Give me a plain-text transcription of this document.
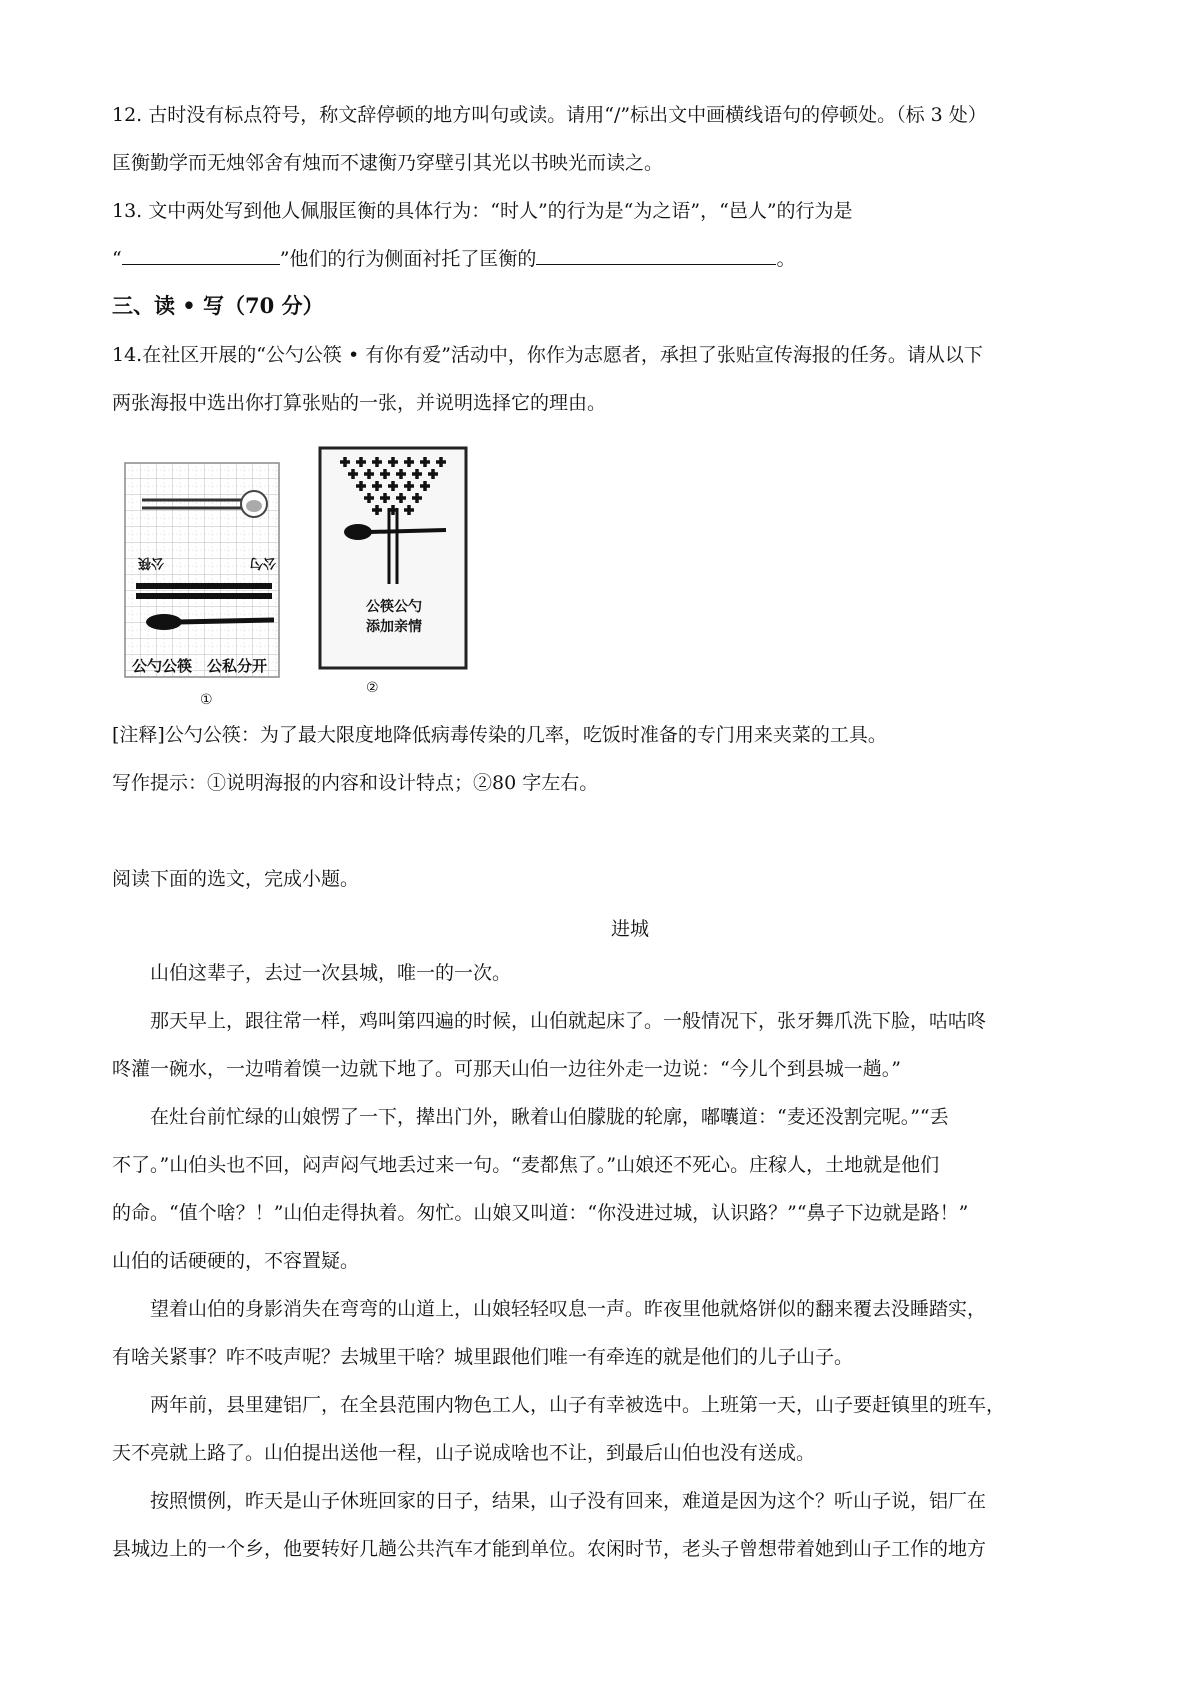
12. 古时没有标点符号，称文辞停顿的地方叫句或读。请用“/”标出文中画横线语句的停顿处。（标 3 处）
匡衡勤学而无烛邻舍有烛而不逮衡乃穿壁引其光以书映光而读之。
13. 文中两处写到他人佩服匡衡的具体行为：“时人”的行为是“为之语”，“邑人”的行为是
“	”他们的行为侧面衬托了匡衡的	。
三、读 • 写（70 分）
14.在社区开展的“公勺公筷 • 有你有爱”活动中，你作为志愿者，承担了张贴宣传海报的任务。请从以下
两张海报中选出你打算张贴的一张，并说明选择它的理由。
公筷	公勺
公勺公筷　公私分开
①
公筷公勺
添加亲情
②
[注释]公勺公筷：为了最大限度地降低病毒传染的几率，吃饭时准备的专门用来夹菜的工具。
写作提示：①说明海报的内容和设计特点；②80 字左右。
阅读下面的选文，完成小题。
进城
山伯这辈子，去过一次县城，唯一的一次。
那天早上，跟往常一样，鸡叫第四遍的时候，山伯就起床了。一般情况下，张牙舞爪洗下脸，咕咕咚
咚灌一碗水，一边啃着馍一边就下地了。可那天山伯一边往外走一边说：“今儿个到县城一趟。”
在灶台前忙绿的山娘愣了一下，撵出门外，瞅着山伯朦胧的轮廓，嘟囔道：“麦还没割完呢。”“丢
不了。”山伯头也不回，闷声闷气地丢过来一句。“麦都焦了。”山娘还不死心。庄稼人，土地就是他们
的命。“值个啥？！”山伯走得执着。匆忙。山娘又叫道：“你没进过城，认识路？”“鼻子下边就是路！”
山伯的话硬硬的，不容置疑。
望着山伯的身影消失在弯弯的山道上，山娘轻轻叹息一声。昨夜里他就烙饼似的翻来覆去没睡踏实，
有啥关紧事？咋不吱声呢？去城里干啥？城里跟他们唯一有牵连的就是他们的儿子山子。
两年前，县里建铝厂，在全县范围内物色工人，山子有幸被选中。上班第一天，山子要赶镇里的班车，
天不亮就上路了。山伯提出送他一程，山子说成啥也不让，到最后山伯也没有送成。
按照惯例，昨天是山子休班回家的日子，结果，山子没有回来，难道是因为这个？听山子说，铝厂在
县城边上的一个乡，他要转好几趟公共汽车才能到单位。农闲时节，老头子曾想带着她到山子工作的地方
